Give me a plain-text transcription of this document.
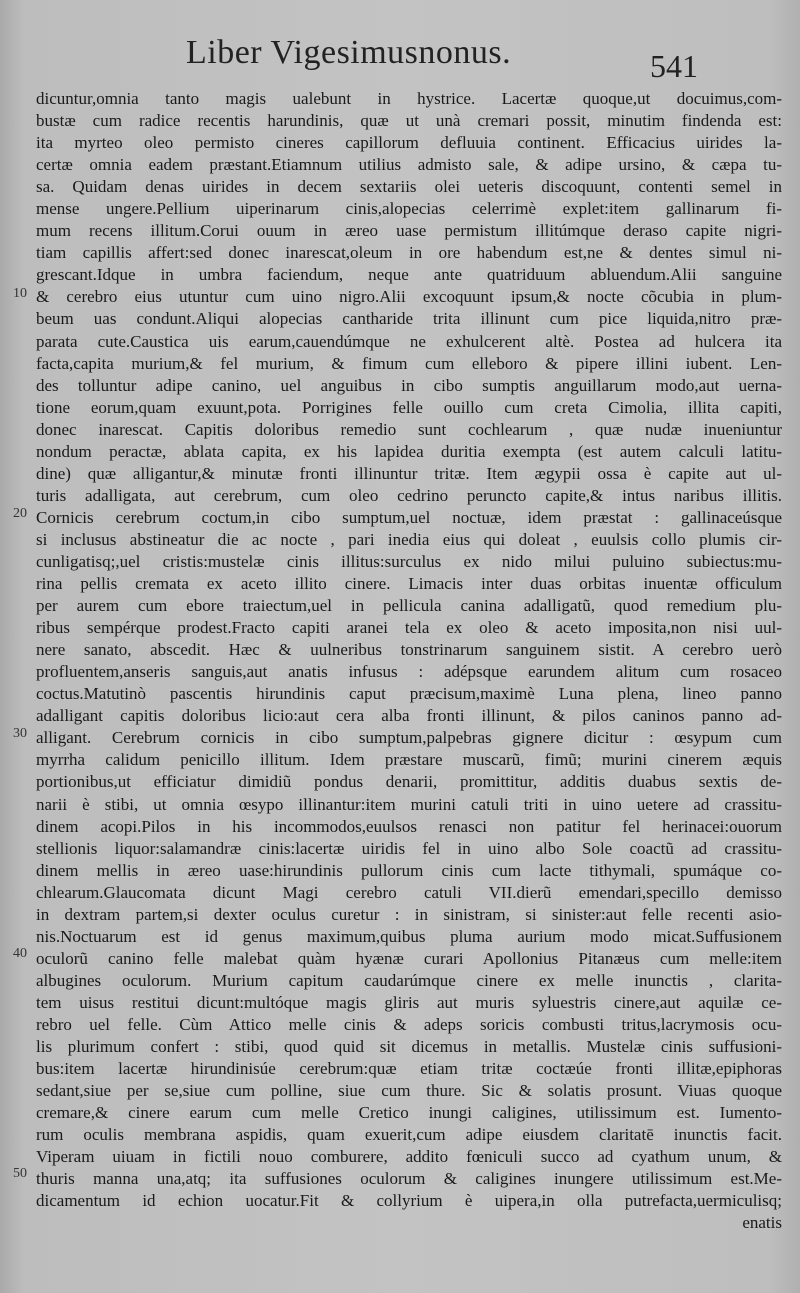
Liber Vigesimusnonus.	541
10
20
30
40
50
dicuntur,omnia tanto magis ualebunt in hystrice. Lacertæ quoque,ut docuimus,com-
bustæ cum radice recentis harundinis, quæ ut unà cremari possit, minutim findenda est:
ita myrteo oleo permisto cineres capillorum defluuia continent. Efficacius uirides la-
certæ omnia eadem præstant.Etiamnum utilius admisto sale, & adipe ursino, & cæpa tu-
sa. Quidam denas uirides in decem sextariis olei ueteris discoquunt, contenti semel in
mense ungere.Pellium uiperinarum cinis,alopecias celerrimè explet:item gallinarum fi-
mum recens illitum.Corui ouum in æreo uase permistum illitúmque deraso capite nigri-
tiam capillis affert:sed donec inarescat,oleum in ore habendum est,ne & dentes simul ni-
grescant.Idque in umbra faciendum, neque ante quatriduum abluendum.Alii sanguine
& cerebro eius utuntur cum uino nigro.Alii excoquunt ipsum,& nocte cõcubia in plum-
beum uas condunt.Aliqui alopecias cantharide trita illinunt cum pice liquida,nitro præ-
parata cute.Caustica uis earum,cauendúmque ne exhulcerent altè. Postea ad hulcera ita
facta,capita murium,& fel murium, & fimum cum elleboro & pipere illini iubent. Len-
des tolluntur adipe canino, uel anguibus in cibo sumptis anguillarum modo,aut uerna-
tione eorum,quam exuunt,pota. Porrigines felle ouillo cum creta Cimolia, illita capiti,
donec inarescat. Capitis doloribus remedio sunt cochlearum , quæ nudæ inueniuntur
nondum peractæ, ablata capita, ex his lapidea duritia exempta (est autem calculi latitu-
dine) quæ alligantur,& minutæ fronti illinuntur tritæ. Item ægypii ossa è capite aut ul-
turis adalligata, aut cerebrum, cum oleo cedrino perunctо capite,& intus naribus illitis.
Cornicis cerebrum coctum,in cibo sumptum,uel noctuæ, idem præstat : gallinaceúsque
si inclusus abstineatur die ac nocte , pari inedia eius qui doleat , euulsis collo plumis cir-
cunligatisq;,uel cristis:mustelæ cinis illitus:surculus ex nido milui puluino subiectus:mu-
rina pellis cremata ex aceto illito cinere. Limacis inter duas orbitas inuentæ officulum
per aurem cum ebore traiectum,uel in pellicula canina adalligatũ, quod remedium plu-
ribus sempérque prodest.Fracto capiti aranei tela ex oleo & aceto imposita,non nisi uul-
nere sanato, abscedit. Hæc & uulneribus tonstrinarum sanguinem sistit. A cerebro uerò
profluentem,anseris sanguis,aut anatis infusus : adépsque earundem alitum cum rosaceo
coctus.Matutinò pascentis hirundinis caput præcisum,maximè Luna plena, lineo panno
adalligant capitis doloribus licio:aut cera alba fronti illinunt, & pilos caninos panno ad-
alligant. Cerebrum cornicis in cibo sumptum,palpebras gignere dicitur : œsypum cum
myrrha calidum penicillo illitum. Idem præstare muscarũ, fimũ; murini cinerem æquis
portionibus,ut efficiatur dimidiũ pondus denarii, promittitur, additis duabus sextis de-
narii è stibi, ut omnia œsypo illinantur:item murini catuli triti in uino uetere ad crassitu-
dinem acopi.Pilos in his incommodos,euulsos renasci non patitur fel herinacei:ouorum
stellionis liquor:salamandræ cinis:lacertæ uiridis fel in uino albo Sole coactũ ad crassitu-
dinem mellis in æreo uase:hirundinis pullorum cinis cum lacte tithymali, spumáque co-
chlearum.Glaucomata dicunt Magi cerebro catuli VII.dierũ emendari,specillo demisso
in dextram partem,si dexter oculus curetur : in sinistram, si sinister:aut felle recenti asio-
nis.Noctuarum est id genus maximum,quibus pluma aurium modo micat.Suffusionem
oculorũ canino felle malebat quàm hyænæ curari Apollonius Pitanæus cum melle:item
albugines oculorum. Murium capitum caudarúmque cinere ex melle inunctis , clarita-
tem uisus restitui dicunt:multóque magis gliris aut muris syluestris cinere,aut aquilæ ce-
rebro uel felle. Cùm Attico melle cinis & adeps soricis combusti tritus,lacrymosis ocu-
lis plurimum confert : stibi, quod quid sit dicemus in metallis. Mustelæ cinis suffusioni-
bus:item lacertæ hirundinisúe cerebrum:quæ etiam tritæ coctæúe fronti illitæ,epiphoras
sedant,siue per se,siue cum polline, siue cum thure. Sic & solatis prosunt. Viuas quoque
cremare,& cinere earum cum melle Cretico inungi caligines, utilissimum est. Iumento-
rum oculis membrana aspidis, quam exuerit,cum adipe eiusdem claritatē inunctis facit.
Viperam uiuam in fictili nouo comburere, addito fœniculi succo ad cyathum unum, &
thuris manna una,atq; ita suffusiones oculorum & caligines inungere utilissimum est.Me-
dicamentum id echion uocatur.Fit & collyrium è uipera,in olla putrefacta,uermiculisq;
enatis
